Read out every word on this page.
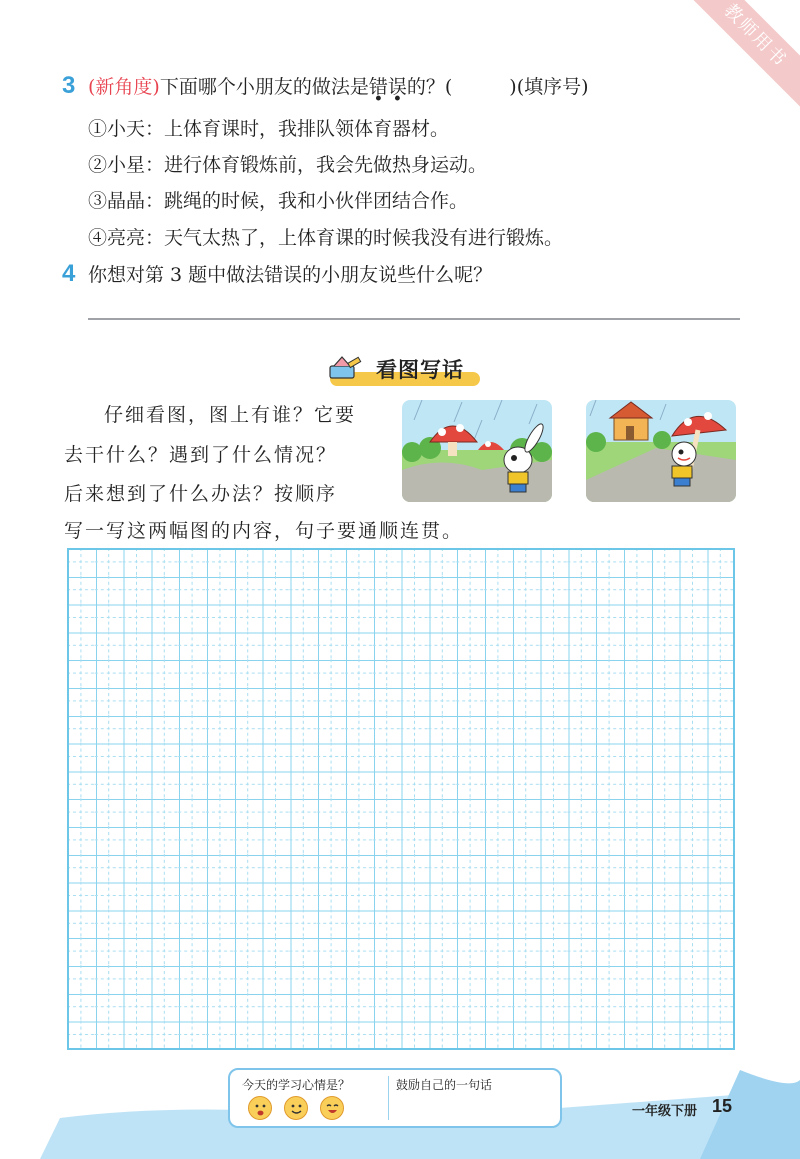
教师用书
3 (新角度)下面哪个小朋友的做法是错误的？(　　　)(填序号)
①小天：上体育课时，我排队领体育器材。
②小星：进行体育锻炼前，我会先做热身运动。
③晶晶：跳绳的时候，我和小伙伴团结合作。
④亮亮：天气太热了，上体育课的时候我没有进行锻炼。
4 你想对第 3 题中做法错误的小朋友说些什么呢？
看图写话
仔细看图，图上有谁？它要
去干什么？遇到了什么情况？
后来想到了什么办法？按顺序
写一写这两幅图的内容，句子要通顺连贯。
今天的学习心情是？	鼓励自己的一句话
一年级下册 15
